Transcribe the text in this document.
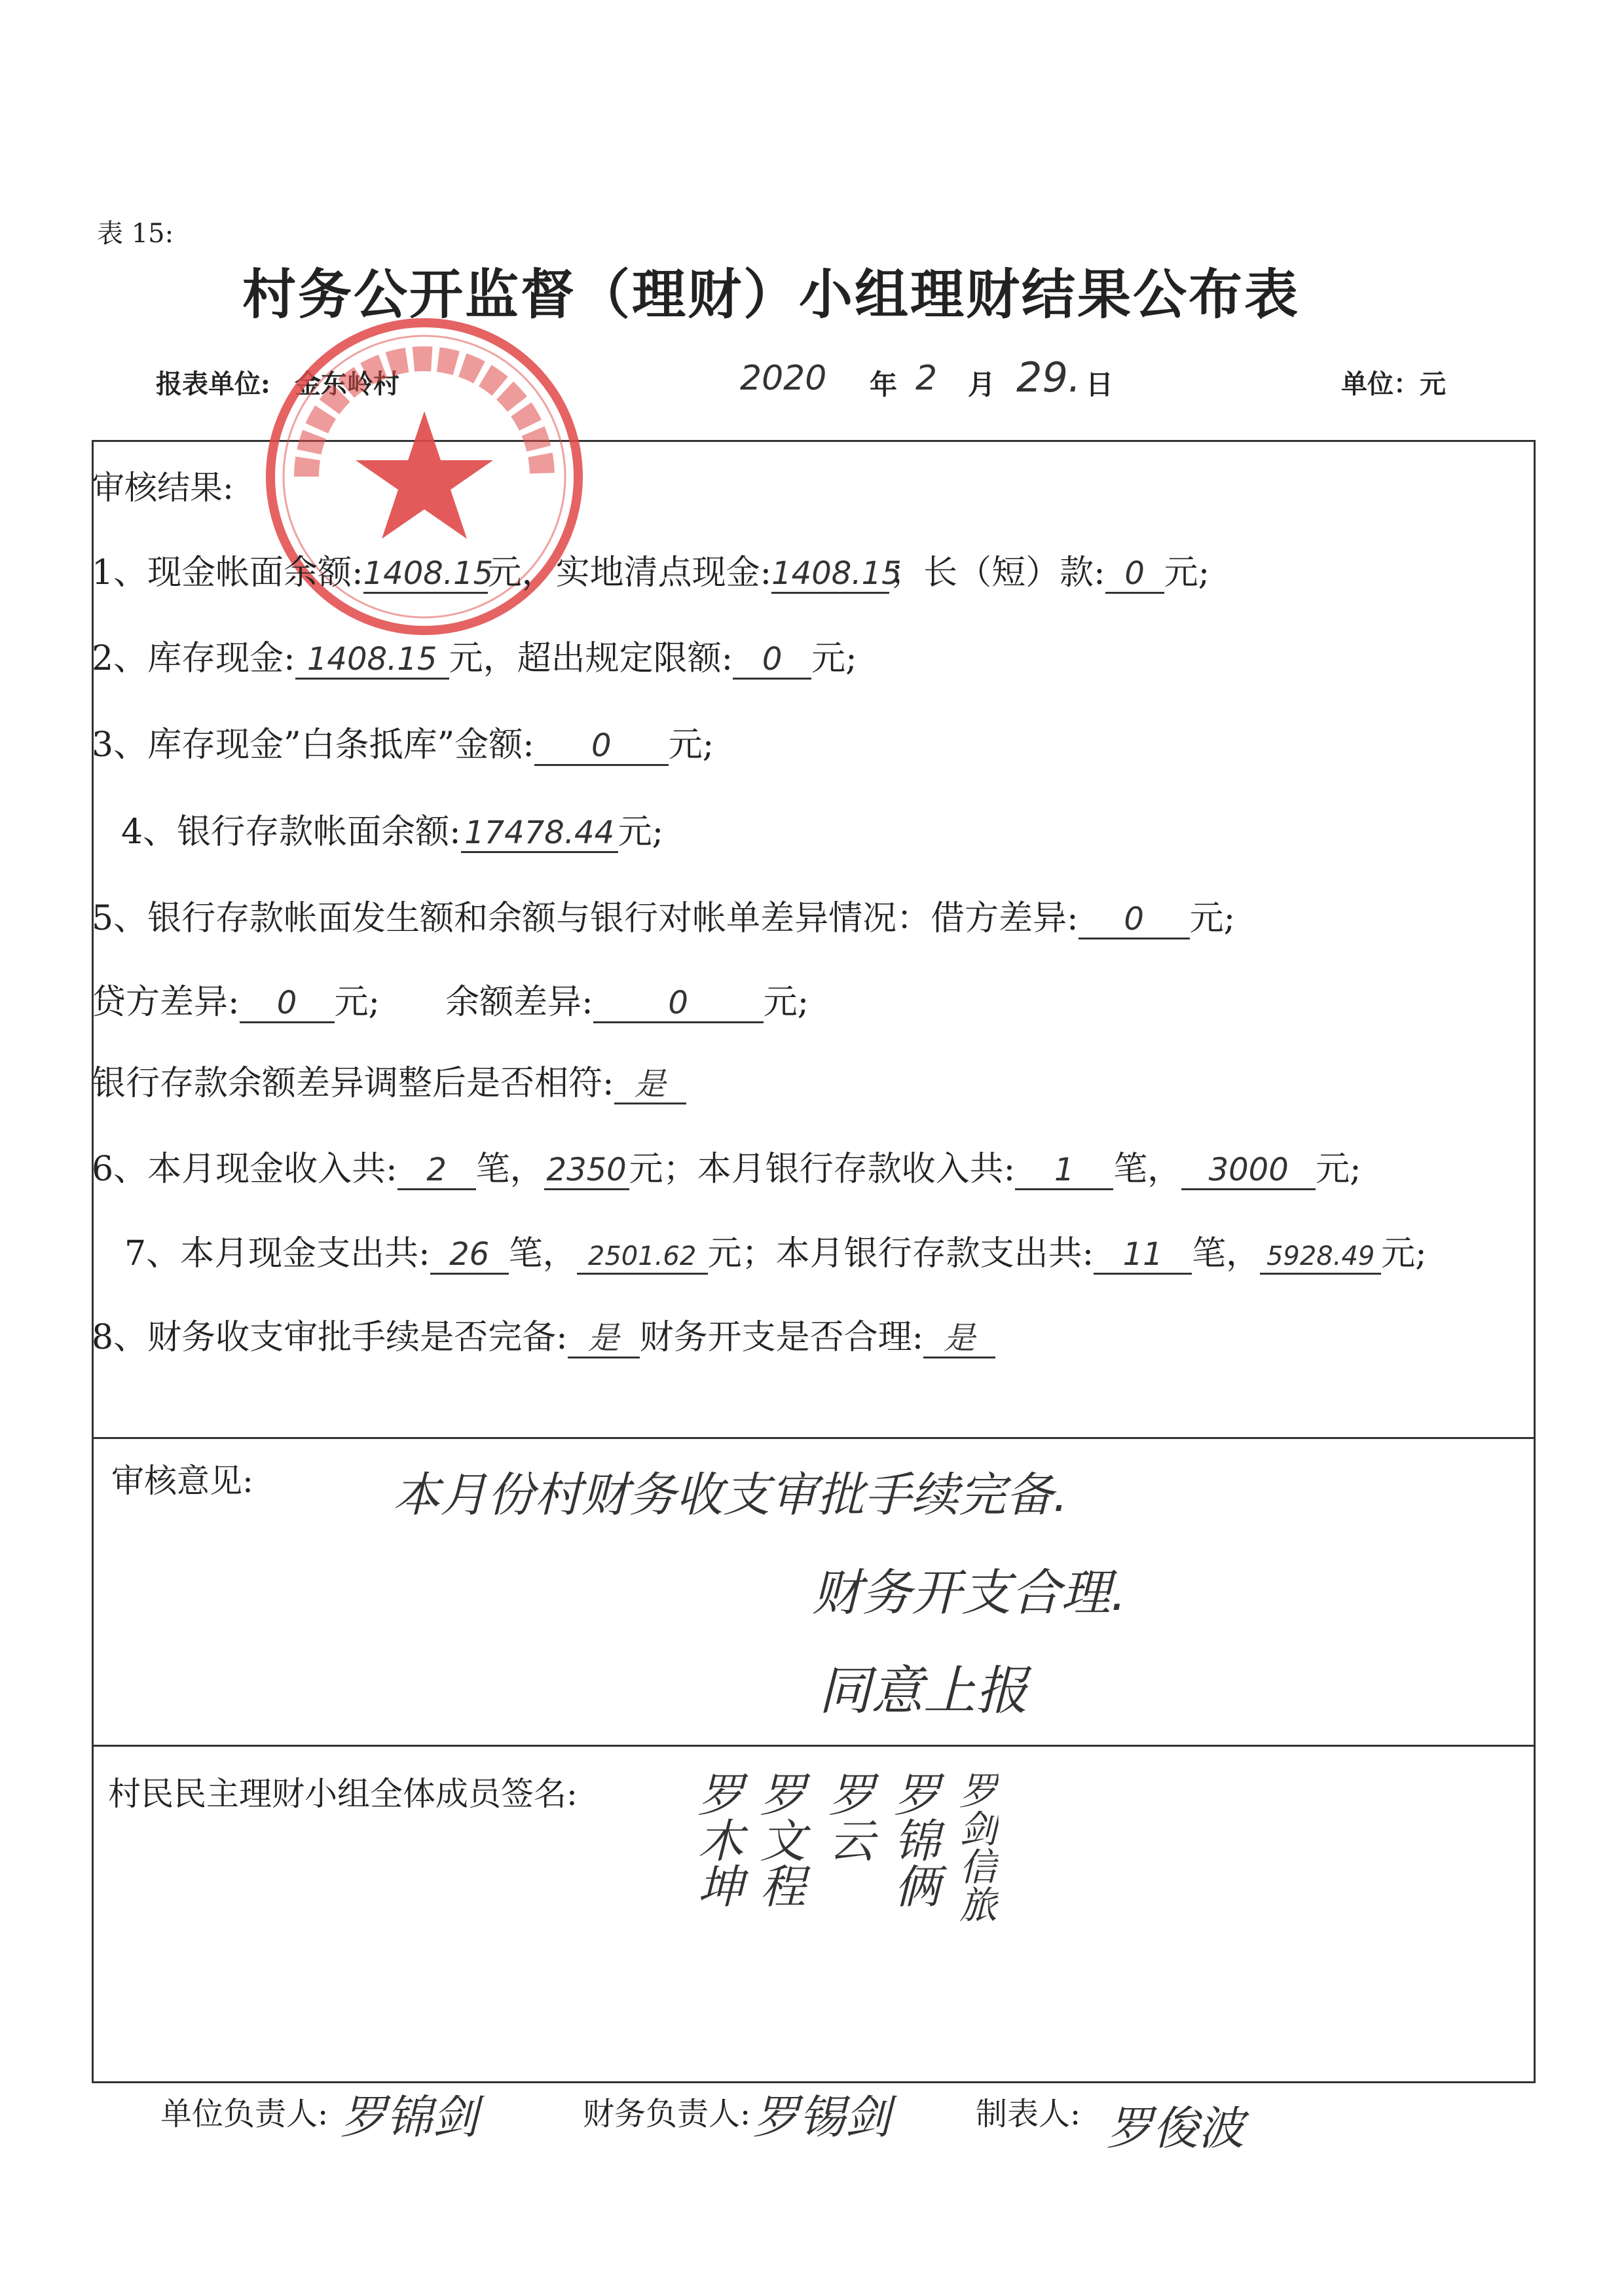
表 15:
村务公开监督（理财）小组理财结果公布表
报表单位: 金东岭村	2020 年 2 月 29. 日	单位：元
审核结果:
1、现金帐面余额:1408.15元，实地清点现金:1408.15；长（短）款: 0 元;
2、库存现金: 1408.15 元，超出规定限额: 0 元;
3、库存现金”白条抵库”金额: 0 元;
4、银行存款帐面余额: 17478.44 元;
5、银行存款帐面发生额和余额与银行对帐单差异情况：借方差异: 0 元;
贷方差异: 0 元; 余额差异: 0 元;
银行存款余额差异调整后是否相符: 是
6、本月现金收入共: 2 笔，2350元；本月银行存款收入共: 1 笔， 3000 元;
7、本月现金支出共: 26 笔， 2501.62 元；本月银行存款支出共: 11 笔， 5928.49 元;
8、财务收支审批手续是否完备: 是 财务开支是否合理: 是
审核意见:	本月份村财务收支审批手续完备.
财务开支合理.
同意上报
村民民主理财小组全体成员签名: 罗木坤 罗文程 罗云 罗锦俩 罗剑信旅
单位负责人: 罗锦剑	财务负责人: 罗锡剑	制表人: 罗俊波
